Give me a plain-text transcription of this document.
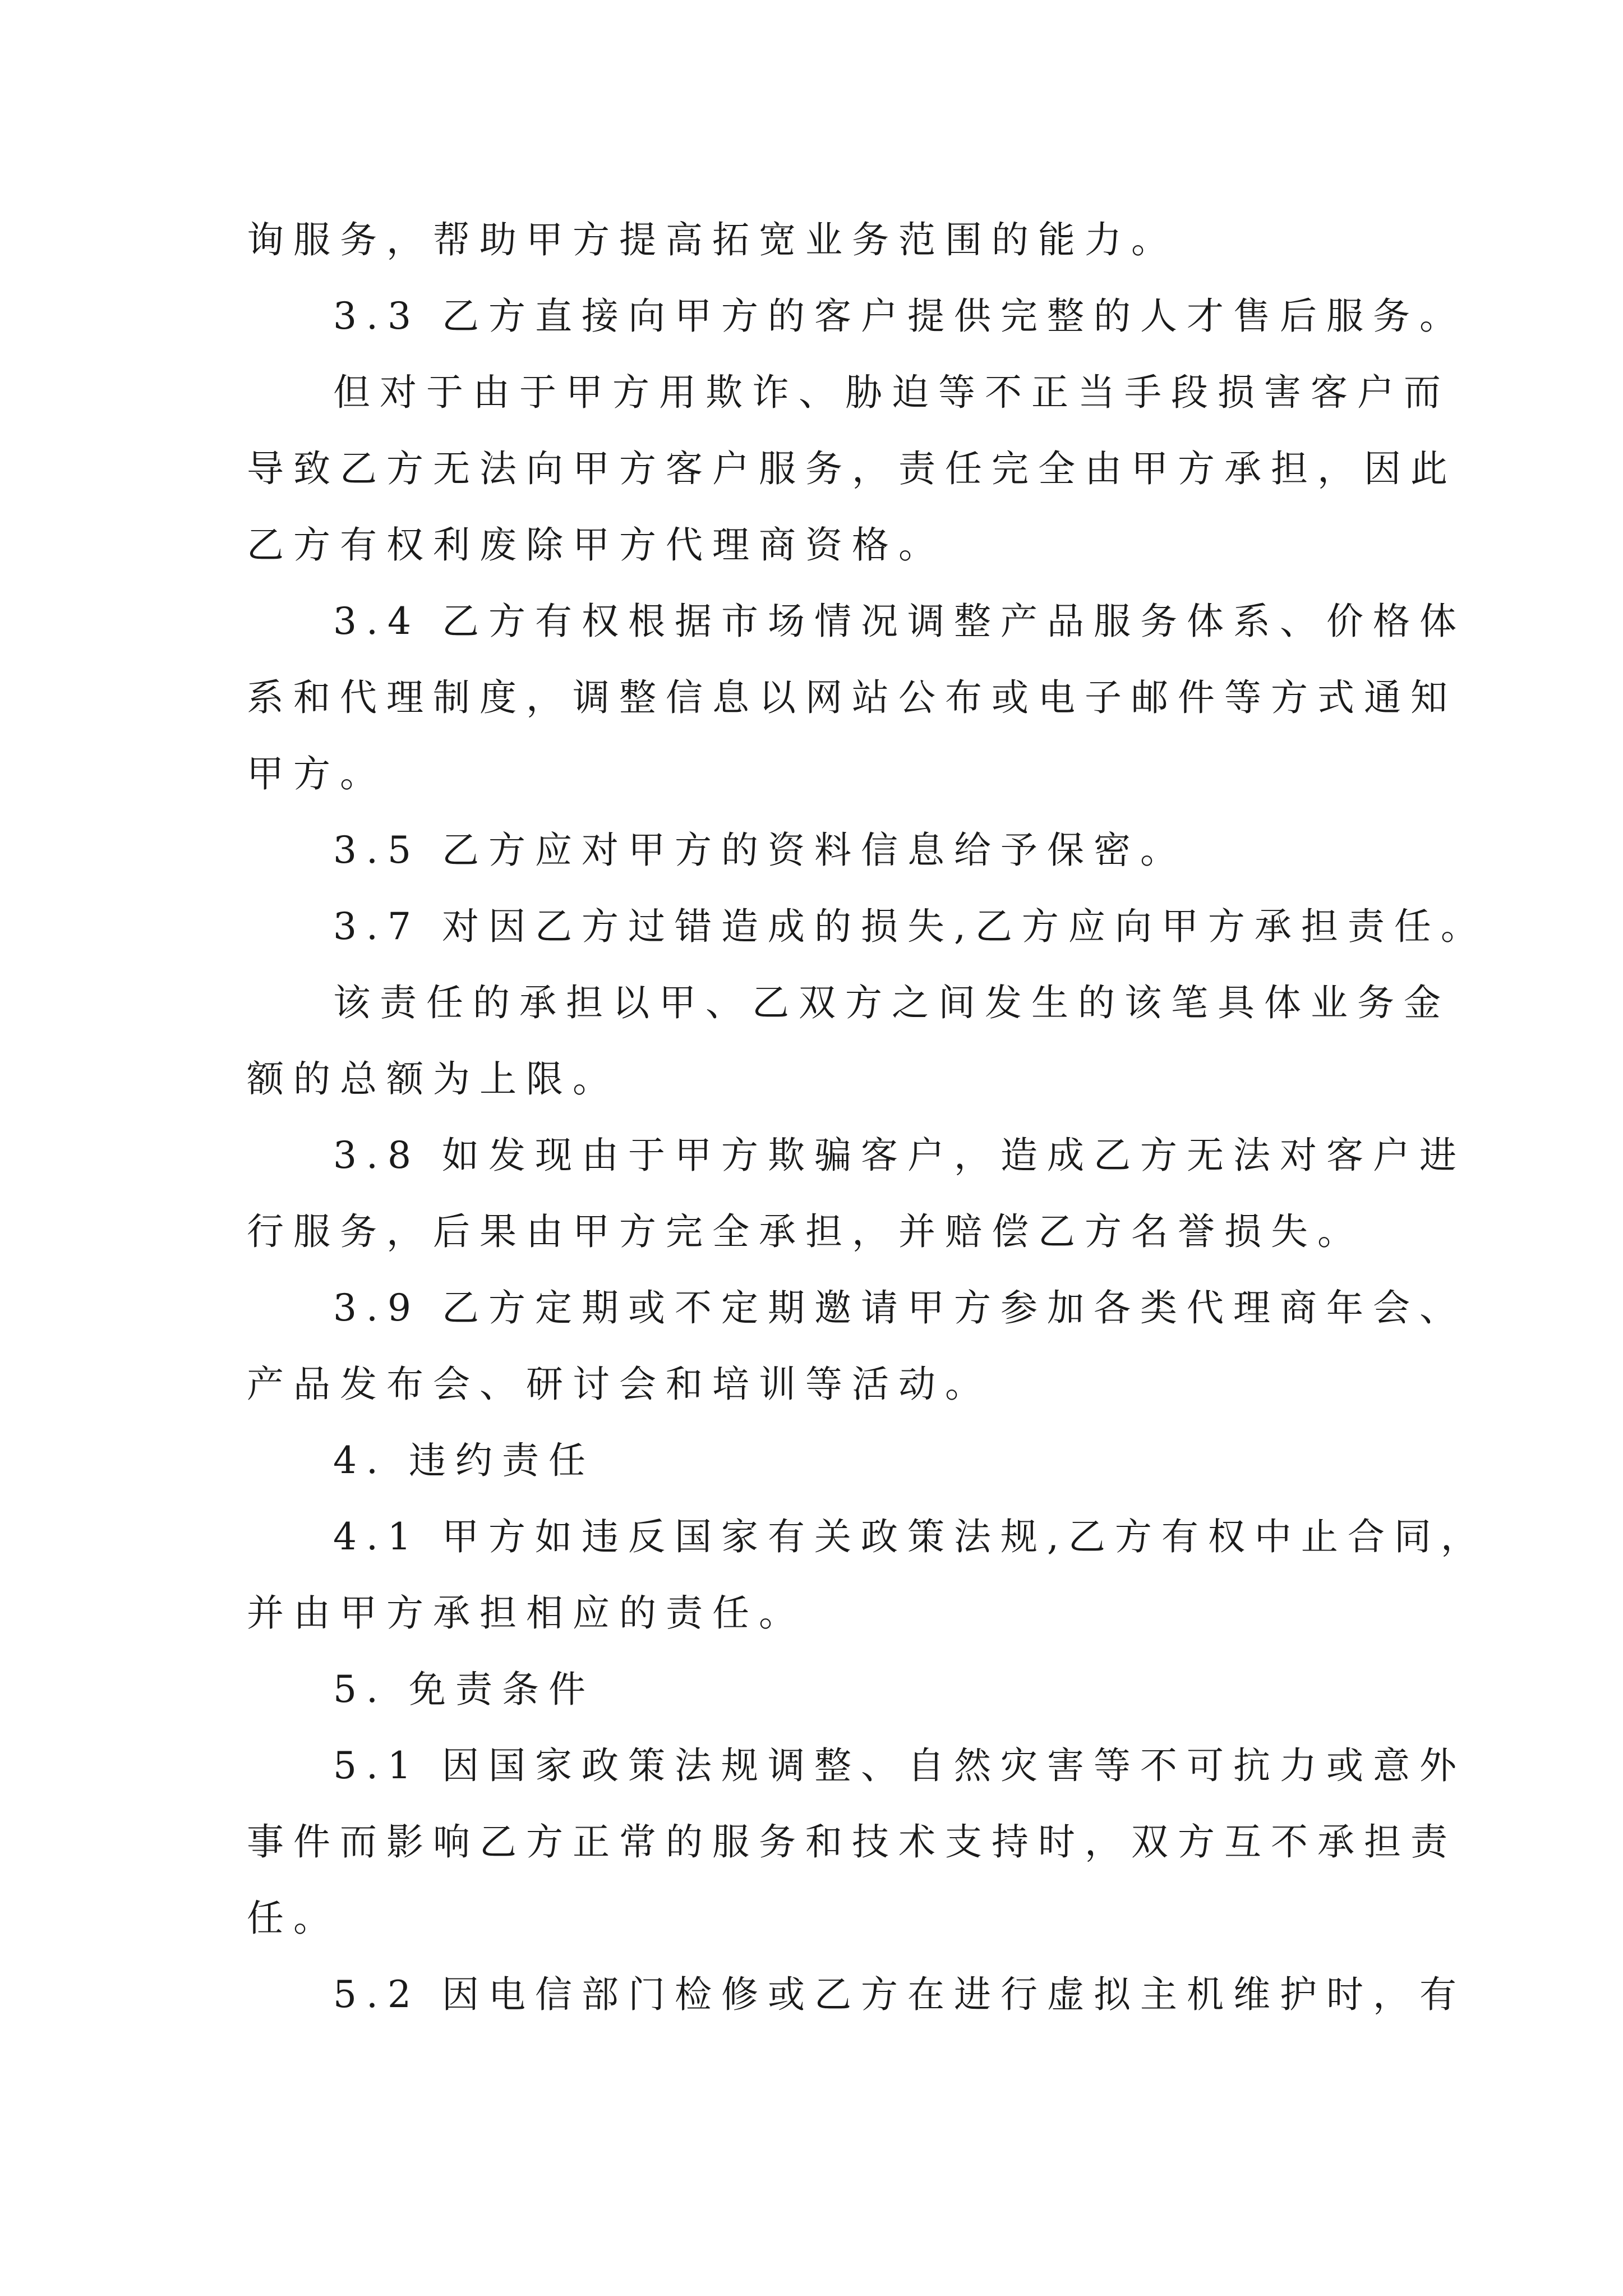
询服务，帮助甲方提高拓宽业务范围的能力。
3.3 乙方直接向甲方的客户提供完整的人才售后服务。
但对于由于甲方用欺诈、胁迫等不正当手段损害客户而
导致乙方无法向甲方客户服务，责任完全由甲方承担，因此
乙方有权利废除甲方代理商资格。
3.4 乙方有权根据市场情况调整产品服务体系、价格体
系和代理制度，调整信息以网站公布或电子邮件等方式通知
甲方。
3.5 乙方应对甲方的资料信息给予保密。
3.7 对因乙方过错造成的损失,乙方应向甲方承担责任。
该责任的承担以甲、乙双方之间发生的该笔具体业务金
额的总额为上限。
3.8 如发现由于甲方欺骗客户，造成乙方无法对客户进
行服务，后果由甲方完全承担，并赔偿乙方名誉损失。
3.9 乙方定期或不定期邀请甲方参加各类代理商年会、
产品发布会、研讨会和培训等活动。
4. 违约责任
4.1 甲方如违反国家有关政策法规,乙方有权中止合同，
并由甲方承担相应的责任。
5. 免责条件
5.1 因国家政策法规调整、自然灾害等不可抗力或意外
事件而影响乙方正常的服务和技术支持时，双方互不承担责
任。
5.2 因电信部门检修或乙方在进行虚拟主机维护时，有
